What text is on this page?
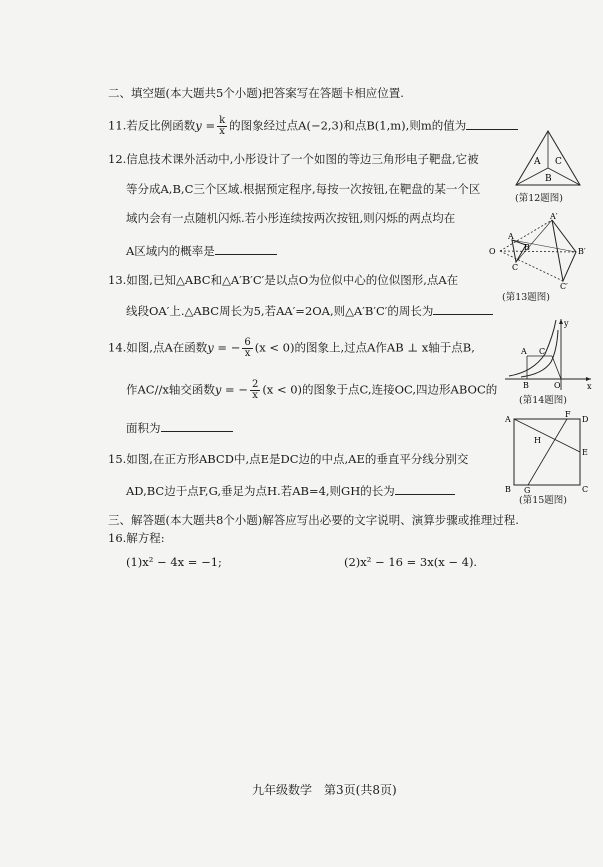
二、填空题(本大题共5个小题)把答案写在答题卡相应位置.
11.若反比例函数$y = \frac{k}{x}$ 的图象经过点A(−2,3)和点B(1,m),则m的值为
12.信息技术课外活动中,小彤设计了一个如图的等边三角形电子靶盘,它被
等分成A,B,C三个区域.根据预定程序,每按一次按钮,在靶盘的某一个区
域内会有一点随机闪烁.若小彤连续按两次按钮,则闪烁的两点均在
A区域内的概率是
A C
B
(第12题图)
A′
A
B
C
O	B′
C′
(第13题图)
13.如图,已知△ABC和△A′B′C′是以点O为位似中心的位似图形,点A在
线段OA′上.△ABC周长为5,若AA′=2OA,则△A′B′C′的周长为
14.如图,点A在函数y = − $\frac{6}{x} (x < 0)$的图象上,过点A作AB ⊥ x轴于点B,
作AC//x轴交函数y = − $\frac{2}{x} (x < 0)$的图象于点C,连接OC,四边形ABOC的
面积为
y
A C
B	O	x
(第14题图)
15.如图,在正方形ABCD中,点E是DC边的中点,AE的垂直平分线分别交
AD,BC边于点F,G,垂足为点H.若AB=4,则GH的长为
A
F
D
H
E
B G	C
(第15题图)
三、解答题(本大题共8个小题)解答应写出必要的文字说明、演算步骤或推理过程.
16.解方程:
(1)x² − 4x = −1;	(2)x² − 16 = 3x(x − 4).
九年级数学　第3页(共8页)
